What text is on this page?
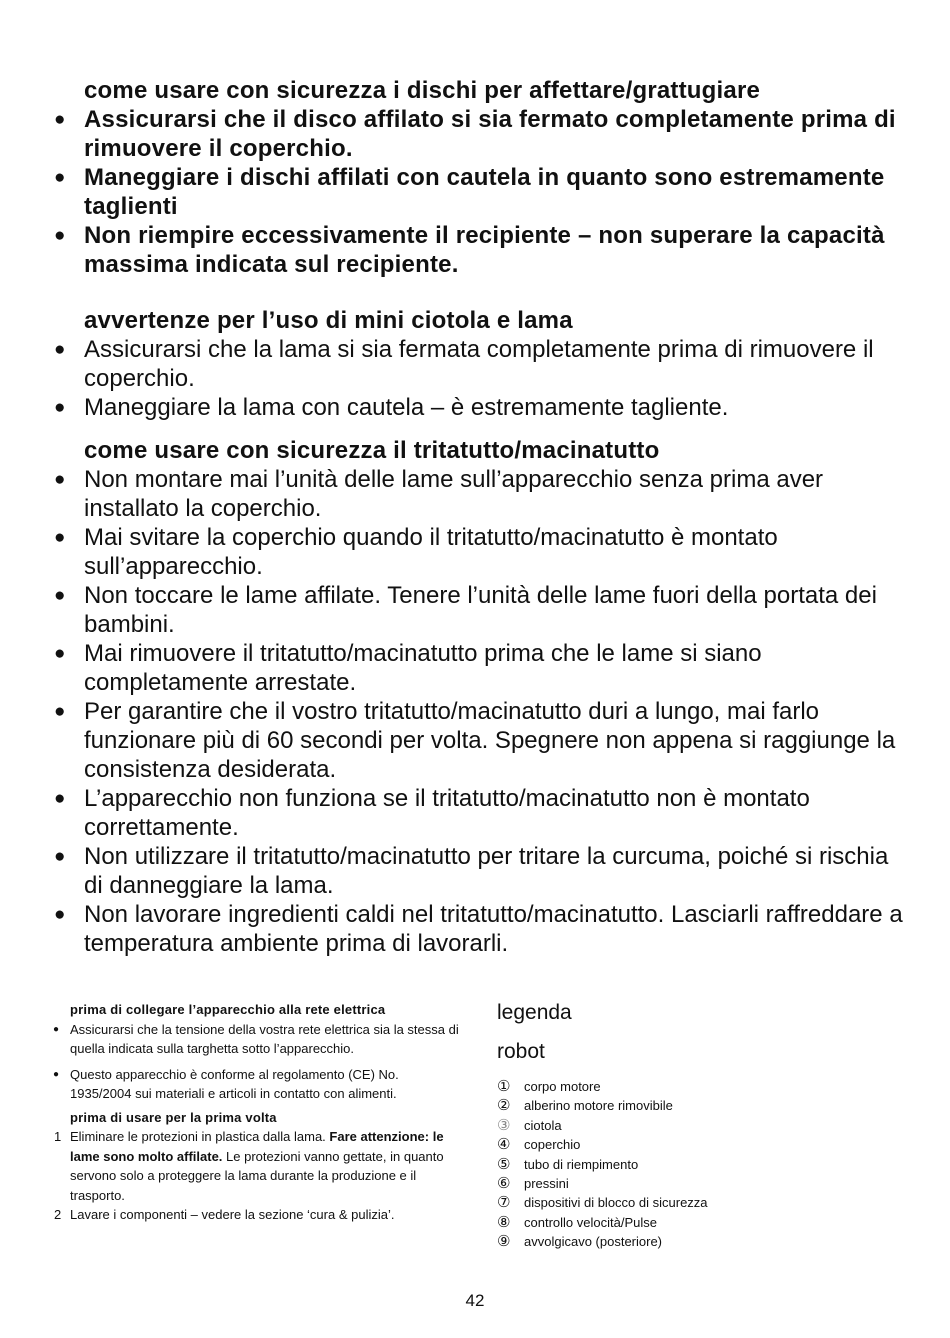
come usare con sicurezza i dischi per affettare/grattugiare
● Assicurarsi che il disco affilato si sia fermato completamente prima di rimuovere il coperchio.
● Maneggiare i dischi affilati con cautela in quanto sono estremamente taglienti
● Non riempire eccessivamente il recipiente – non superare la capacità massima indicata sul recipiente.
avvertenze per l’uso di mini ciotola e lama
● Assicurarsi che la lama si sia fermata completamente prima di rimuovere il coperchio.
● Maneggiare la lama con cautela – è estremamente tagliente.
come usare con sicurezza il tritatutto/macinatutto
● Non montare mai l’unità delle lame sull’apparecchio senza prima aver installato la coperchio.
● Mai svitare la coperchio quando il tritatutto/macinatutto è montato sull’apparecchio.
● Non toccare le lame affilate. Tenere l’unità delle lame fuori della portata dei bambini.
● Mai rimuovere il tritatutto/macinatutto prima che le lame si siano completamente arrestate.
● Per garantire che il vostro tritatutto/macinatutto duri a lungo, mai farlo funzionare più di 60 secondi per volta. Spegnere non appena si raggiunge la consistenza desiderata.
● L’apparecchio non funziona se il tritatutto/macinatutto non è montato correttamente.
● Non utilizzare il tritatutto/macinatutto per tritare la curcuma, poiché si rischia di danneggiare la lama.
● Non lavorare ingredienti caldi nel tritatutto/macinatutto. Lasciarli raffreddare a temperatura ambiente prima di lavorarli.
prima di collegare l’apparecchio alla rete elettrica
● Assicurarsi che la tensione della vostra rete elettrica sia la stessa di quella indicata sulla targhetta sotto l’apparecchio.
● Questo apparecchio è conforme al regolamento (CE) No. 1935/2004 sui materiali e articoli in contatto con alimenti.
prima di usare per la prima volta
1 Eliminare le protezioni in plastica dalla lama. Fare attenzione: le lame sono molto affilate. Le protezioni vanno gettate, in quanto servono solo a proteggere la lama durante la produzione e il trasporto.
2 Lavare i componenti – vedere la sezione ‘cura & pulizia’.
legenda
robot
① corpo motore
② alberino motore rimovibile
③ ciotola
④ coperchio
⑤ tubo di riempimento
⑥ pressini
⑦ dispositivi di blocco di sicurezza
⑧ controllo velocità/Pulse
⑨ avvolgicavo (posteriore)
42
